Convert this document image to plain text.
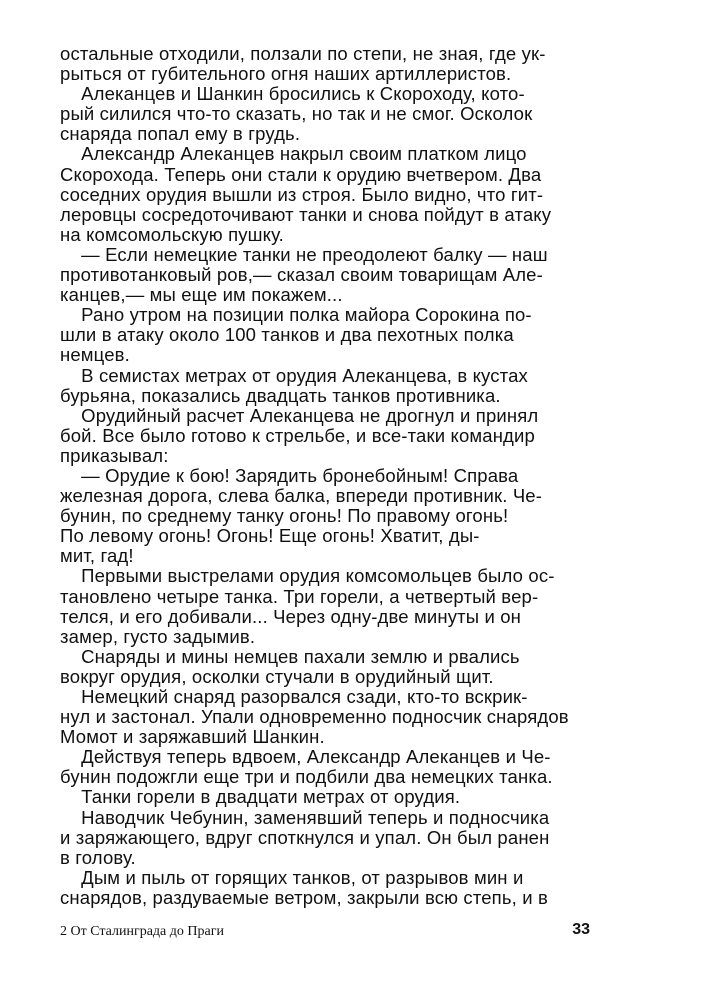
остальные отходили, ползали по степи, не зная, где ук-
рыться от губительного огня наших артиллеристов.
Алеканцев и Шанкин бросились к Скороходу, кото-
рый силился что-то сказать, но так и не смог. Осколок
снаряда попал ему в грудь.
Александр Алеканцев накрыл своим платком лицо
Скорохода. Теперь они стали к орудию вчетвером. Два
соседних орудия вышли из строя. Было видно, что гит-
леровцы сосредоточивают танки и снова пойдут в атаку
на комсомольскую пушку.
— Если немецкие танки не преодолеют балку — наш
противотанковый ров,— сказал своим товарищам Але-
канцев,— мы еще им покажем...
Рано утром на позиции полка майора Сорокина по-
шли в атаку около 100 танков и два пехотных полка
немцев.
В семистах метрах от орудия Алеканцева, в кустах
бурьяна, показались двадцать танков противника.
Орудийный расчет Алеканцева не дрогнул и принял
бой. Все было готово к стрельбе, и все-таки командир
приказывал:
— Орудие к бою! Зарядить бронебойным! Справа
железная дорога, слева балка, впереди противник. Че-
бунин, по среднему танку огонь! По правому огонь!
По левому огонь! Огонь! Еще огонь! Хватит, ды-
мит, гад!
Первыми выстрелами орудия комсомольцев было ос-
тановлено четыре танка. Три горели, а четвертый вер-
телся, и его добивали... Через одну-две минуты и он
замер, густо задымив.
Снаряды и мины немцев пахали землю и рвались
вокруг орудия, осколки стучали в орудийный щит.
Немецкий снаряд разорвался сзади, кто-то вскрик-
нул и застонал. Упали одновременно подносчик снарядов
Момот и заряжавший Шанкин.
Действуя теперь вдвоем, Александр Алеканцев и Че-
бунин подожгли еще три и подбили два немецких танка.
Танки горели в двадцати метрах от орудия.
Наводчик Чебунин, заменявший теперь и подносчика
и заряжающего, вдруг споткнулся и упал. Он был ранен
в голову.
Дым и пыль от горящих танков, от разрывов мин и
снарядов, раздуваемые ветром, закрыли всю степь, и в
2 От Сталинграда до Праги	33
